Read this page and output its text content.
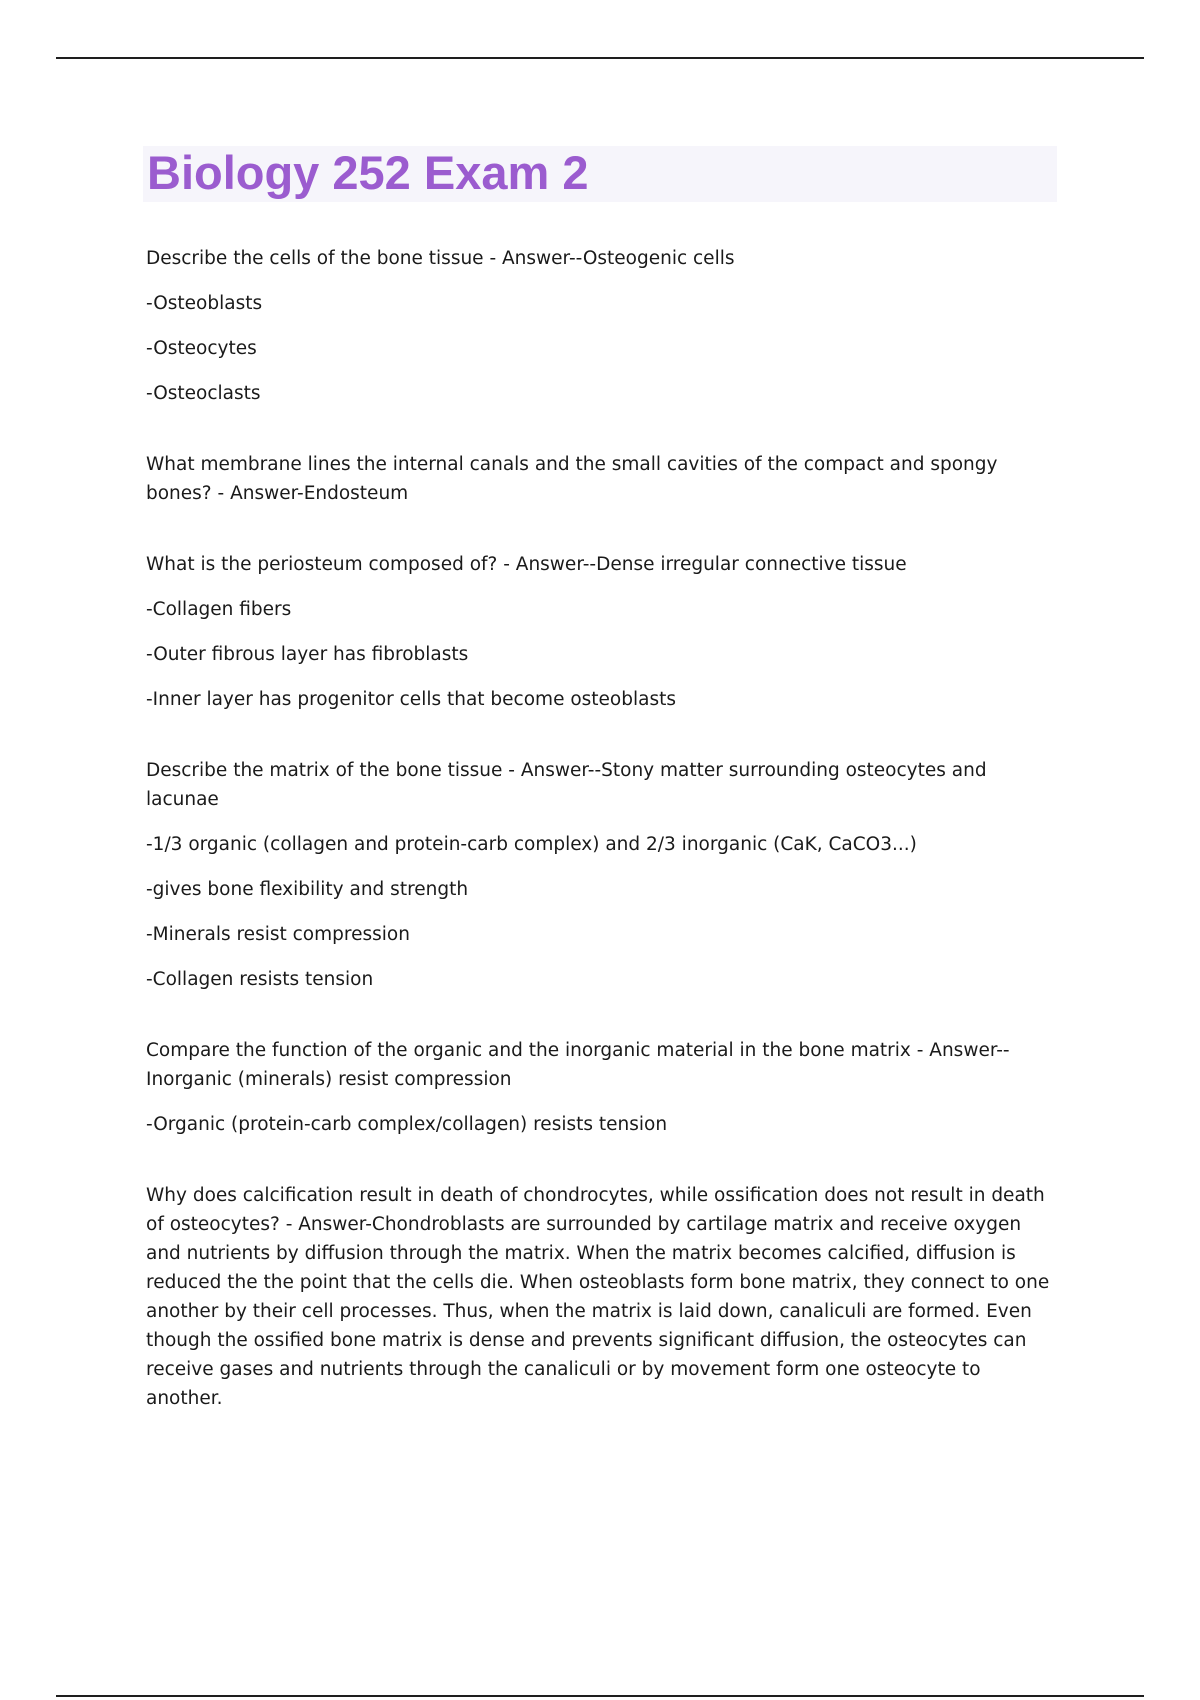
Biology 252 Exam 2

Describe the cells of the bone tissue - Answer--Osteogenic cells

-Osteoblasts

-Osteocytes

-Osteoclasts

What membrane lines the internal canals and the small cavities of the compact and spongy bones? - Answer-Endosteum

What is the periosteum composed of? - Answer--Dense irregular connective tissue

-Collagen fibers

-Outer fibrous layer has fibroblasts

-Inner layer has progenitor cells that become osteoblasts

Describe the matrix of the bone tissue - Answer--Stony matter surrounding osteocytes and lacunae

-1/3 organic (collagen and protein-carb complex) and 2/3 inorganic (CaK, CaCO3...)

-gives bone flexibility and strength

-Minerals resist compression

-Collagen resists tension

Compare the function of the organic and the inorganic material in the bone matrix - Answer--Inorganic (minerals) resist compression

-Organic (protein-carb complex/collagen) resists tension

Why does calcification result in death of chondrocytes, while ossification does not result in death of osteocytes? - Answer-Chondroblasts are surrounded by cartilage matrix and receive oxygen and nutrients by diffusion through the matrix. When the matrix becomes calcified, diffusion is reduced the the point that the cells die. When osteoblasts form bone matrix, they connect to one another by their cell processes. Thus, when the matrix is laid down, canaliculi are formed. Even though the ossified bone matrix is dense and prevents significant diffusion, the osteocytes can receive gases and nutrients through the canaliculi or by movement form one osteocyte to another.
